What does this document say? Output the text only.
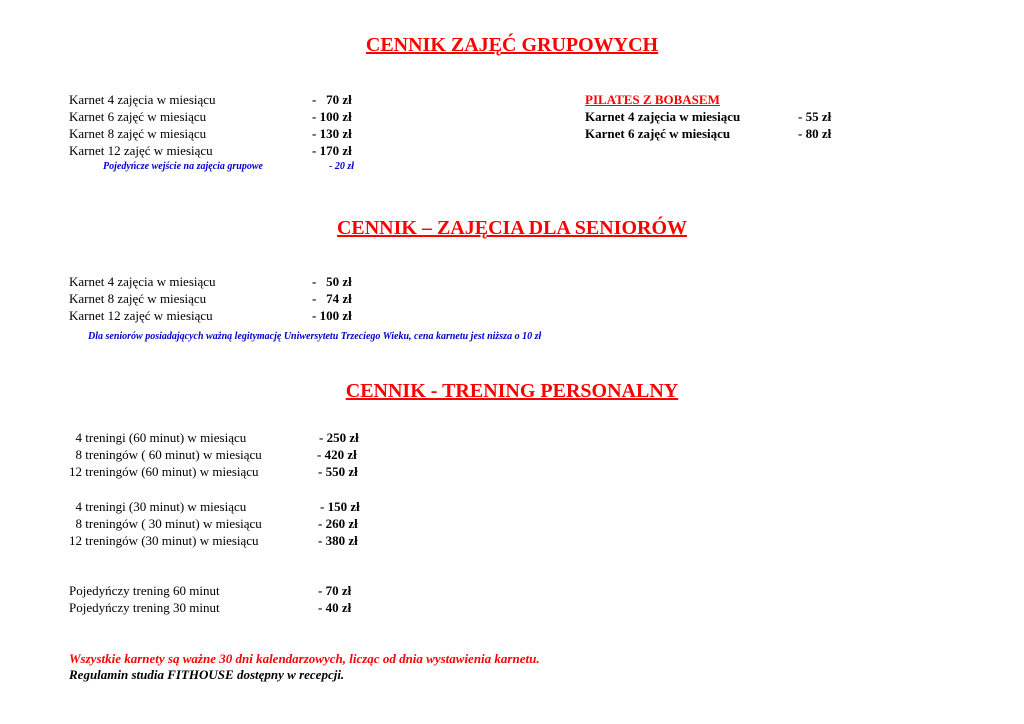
CENNIK ZAJĘĆ GRUPOWYCH
Karnet 4 zajęcia w miesiącu	-   70 zł
Karnet 6 zajęć w miesiącu	- 100 zł
Karnet 8 zajęć w miesiącu	- 130 zł
Karnet 12 zajęć w miesiącu	- 170 zł
Pojedyńcze wejście na zajęcia grupowe	- 20 zł
PILATES Z BOBASEM
Karnet 4 zajęcia w miesiącu	- 55 zł
Karnet 6 zajęć w miesiącu	- 80 zł
CENNIK – ZAJĘCIA DLA SENIORÓW
Karnet 4 zajęcia w miesiącu	-   50 zł
Karnet 8 zajęć w miesiącu	-   74 zł
Karnet 12 zajęć w miesiącu	- 100 zł
Dla seniorów posiadających ważną legitymację Uniwersytetu Trzeciego Wieku, cena karnetu jest niższa o 10 zł
CENNIK - TRENING PERSONALNY
4 treningi (60 minut) w miesiącu	- 250 zł
8 treningów ( 60 minut) w miesiącu	- 420 zł
12 treningów (60 minut) w miesiącu	- 550 zł
4 treningi (30 minut) w miesiącu	- 150 zł
8 treningów ( 30 minut) w miesiącu	- 260 zł
12 treningów (30 minut) w miesiącu	- 380 zł
Pojedyńczy trening 60 minut	- 70 zł
Pojedyńczy trening 30 minut	- 40 zł
Wszystkie karnety są ważne 30 dni kalendarzowych, licząc od dnia wystawienia karnetu.
Regulamin studia FITHOUSE dostępny w recepcji.
